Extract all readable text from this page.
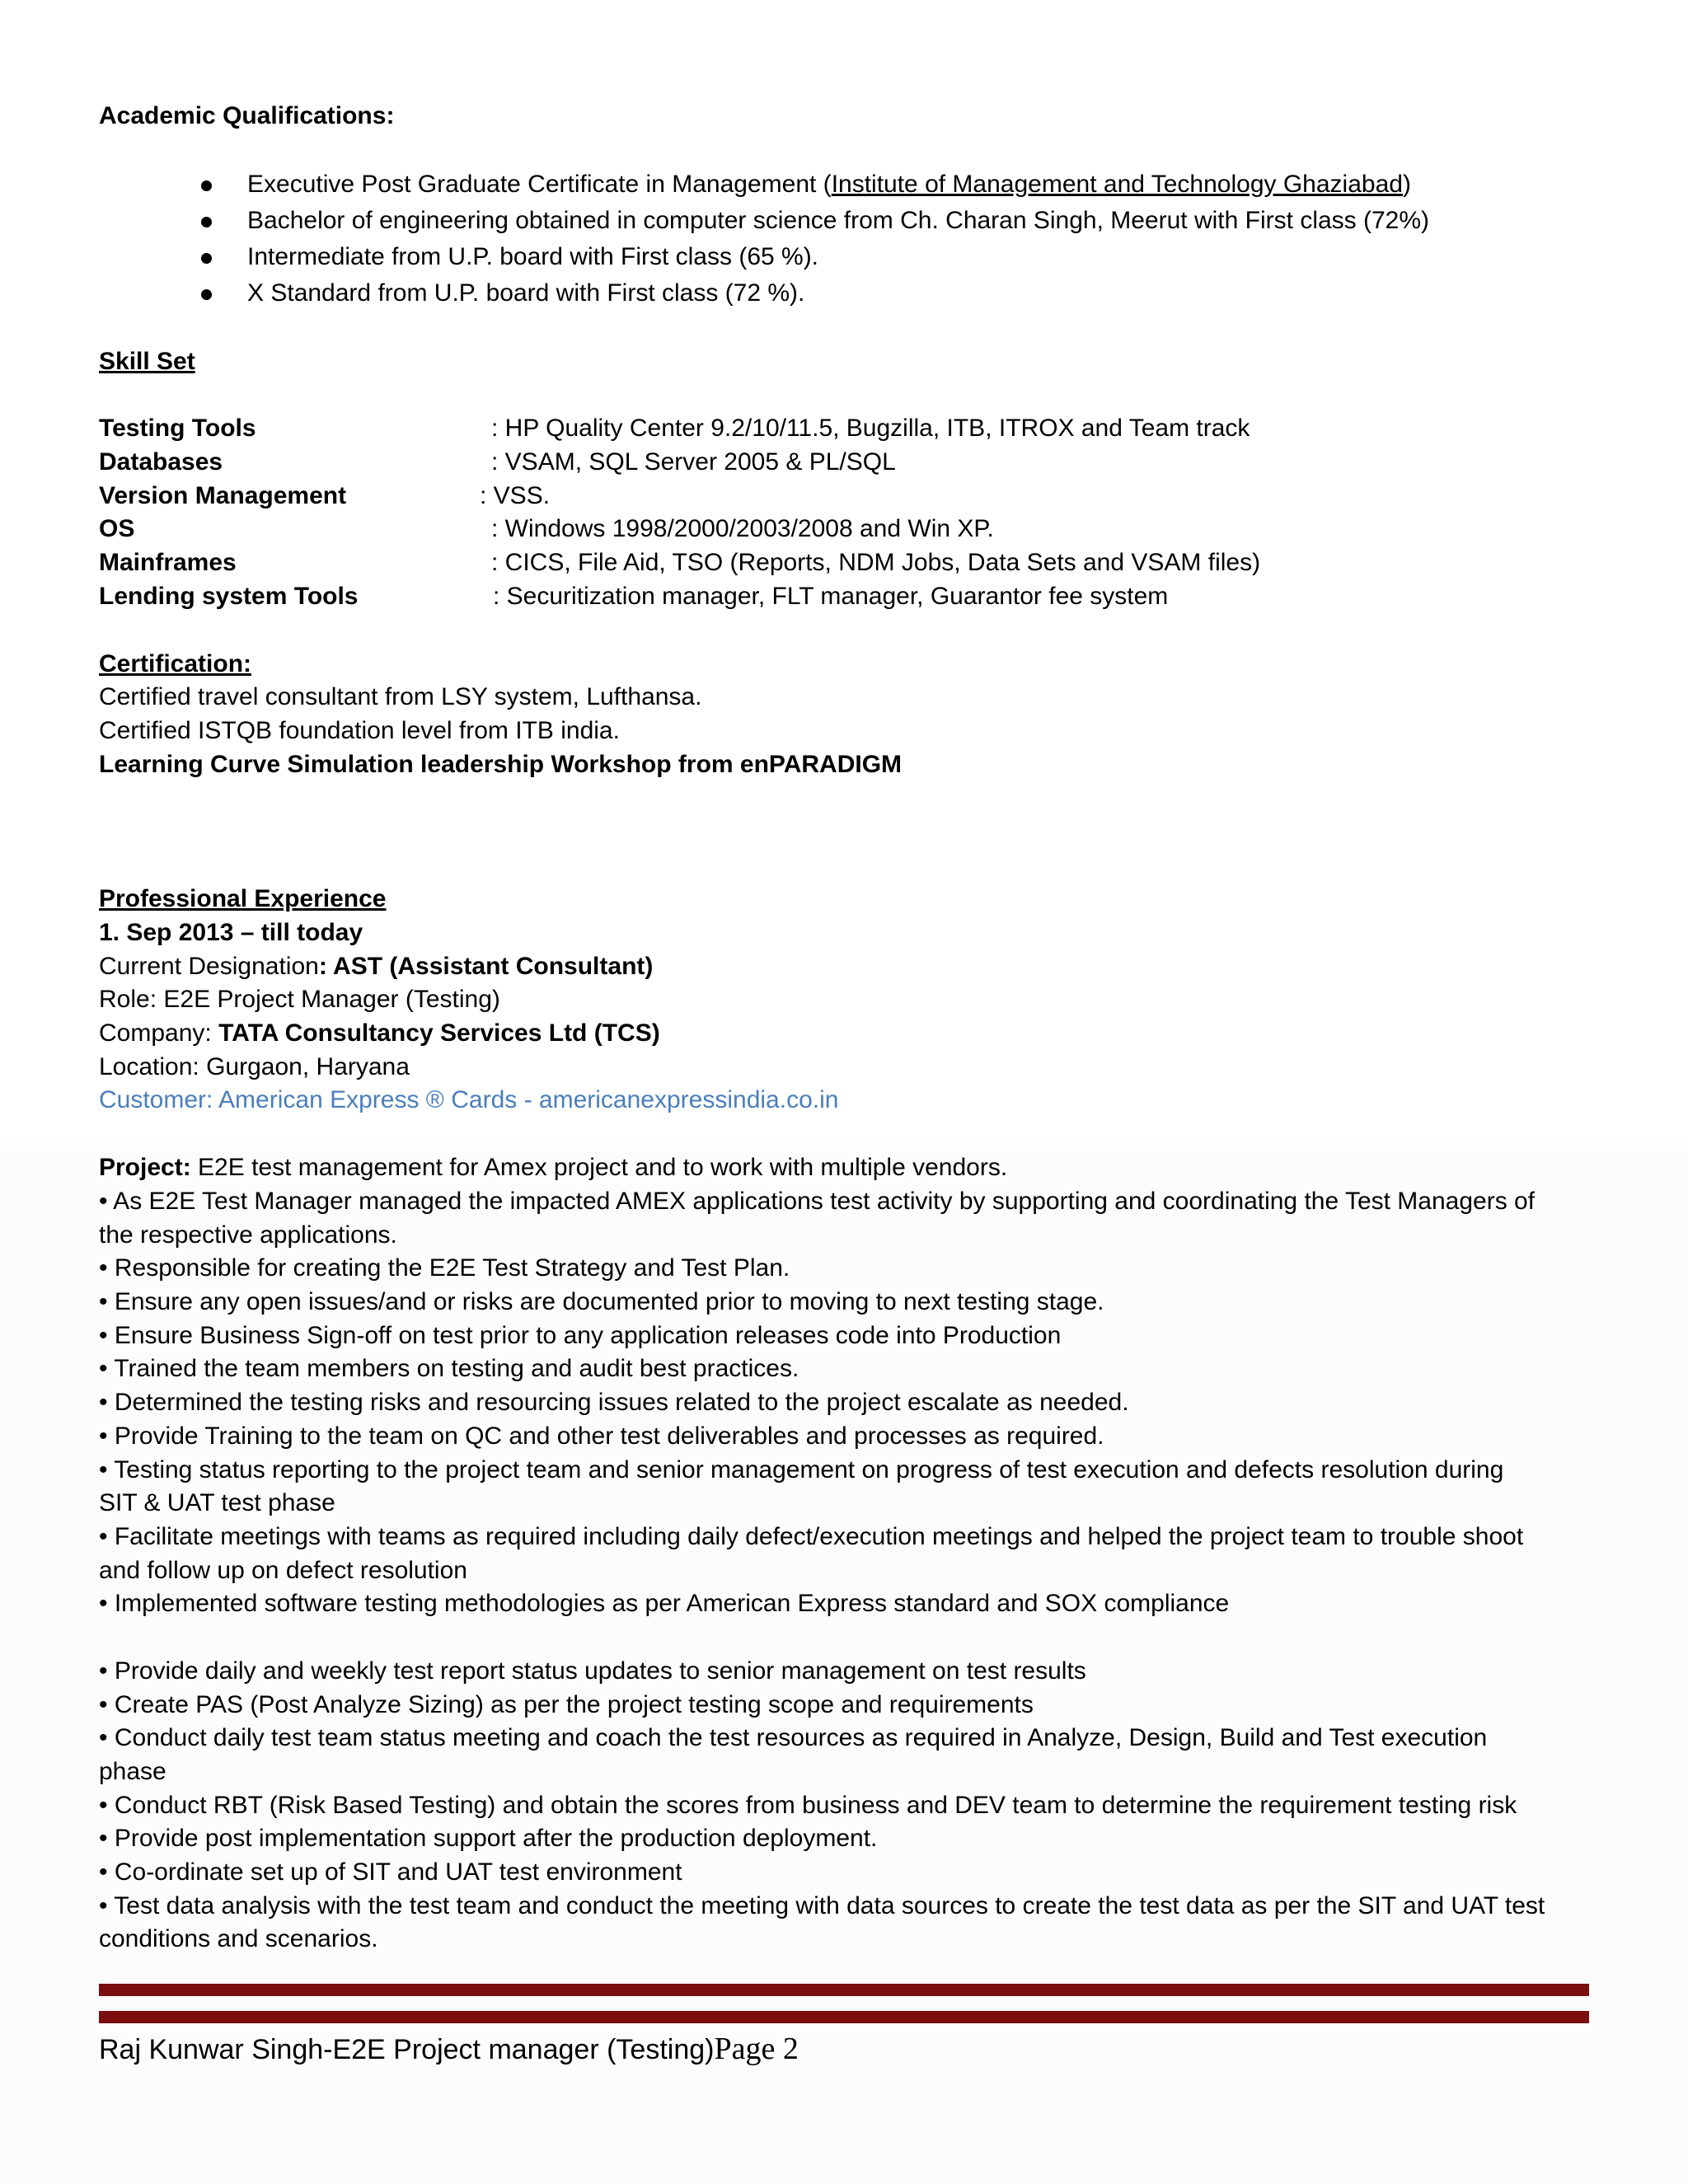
Academic Qualifications:
Executive Post Graduate Certificate in Management (Institute of Management and Technology Ghaziabad)
Bachelor of engineering obtained in computer science from Ch. Charan Singh, Meerut with First class (72%)
Intermediate from U.P. board with First class (65 %).
X Standard from U.P. board with First class (72 %).
Skill Set
Testing Tools	: HP Quality Center 9.2/10/11.5, Bugzilla, ITB, ITROX and Team track
Databases	: VSAM, SQL Server 2005 & PL/SQL
Version Management	: VSS.
OS	: Windows 1998/2000/2003/2008 and Win XP.
Mainframes	: CICS, File Aid, TSO (Reports, NDM Jobs, Data Sets and VSAM files)
Lending system Tools	: Securitization manager, FLT manager, Guarantor fee system
Certification:
Certified travel consultant from LSY system, Lufthansa.
Certified ISTQB foundation level from ITB india.
Learning Curve Simulation leadership Workshop from enPARADIGM
Professional Experience
1. Sep 2013 – till today
Current Designation: AST (Assistant Consultant)
Role: E2E Project Manager (Testing)
Company: TATA Consultancy Services Ltd (TCS)
Location: Gurgaon, Haryana
Customer: American Express ® Cards - americanexpressindia.co.in
Project: E2E test management for Amex project and to work with multiple vendors.
• As E2E Test Manager managed the impacted AMEX applications test activity by supporting and coordinating the Test Managers of
the respective applications.
• Responsible for creating the E2E Test Strategy and Test Plan.
• Ensure any open issues/and or risks are documented prior to moving to next testing stage.
• Ensure Business Sign-off on test prior to any application releases code into Production
• Trained the team members on testing and audit best practices.
• Determined the testing risks and resourcing issues related to the project escalate as needed.
• Provide Training to the team on QC and other test deliverables and processes as required.
• Testing status reporting to the project team and senior management on progress of test execution and defects resolution during
SIT & UAT test phase
• Facilitate meetings with teams as required including daily defect/execution meetings and helped the project team to trouble shoot
and follow up on defect resolution
• Implemented software testing methodologies as per American Express standard and SOX compliance
• Provide daily and weekly test report status updates to senior management on test results
• Create PAS (Post Analyze Sizing) as per the project testing scope and requirements
• Conduct daily test team status meeting and coach the test resources as required in Analyze, Design, Build and Test execution
phase
• Conduct RBT (Risk Based Testing) and obtain the scores from business and DEV team to determine the requirement testing risk
• Provide post implementation support after the production deployment.
• Co-ordinate set up of SIT and UAT test environment
• Test data analysis with the test team and conduct the meeting with data sources to create the test data as per the SIT and UAT test
conditions and scenarios.
Raj Kunwar Singh-E2E Project manager (Testing)Page 2
